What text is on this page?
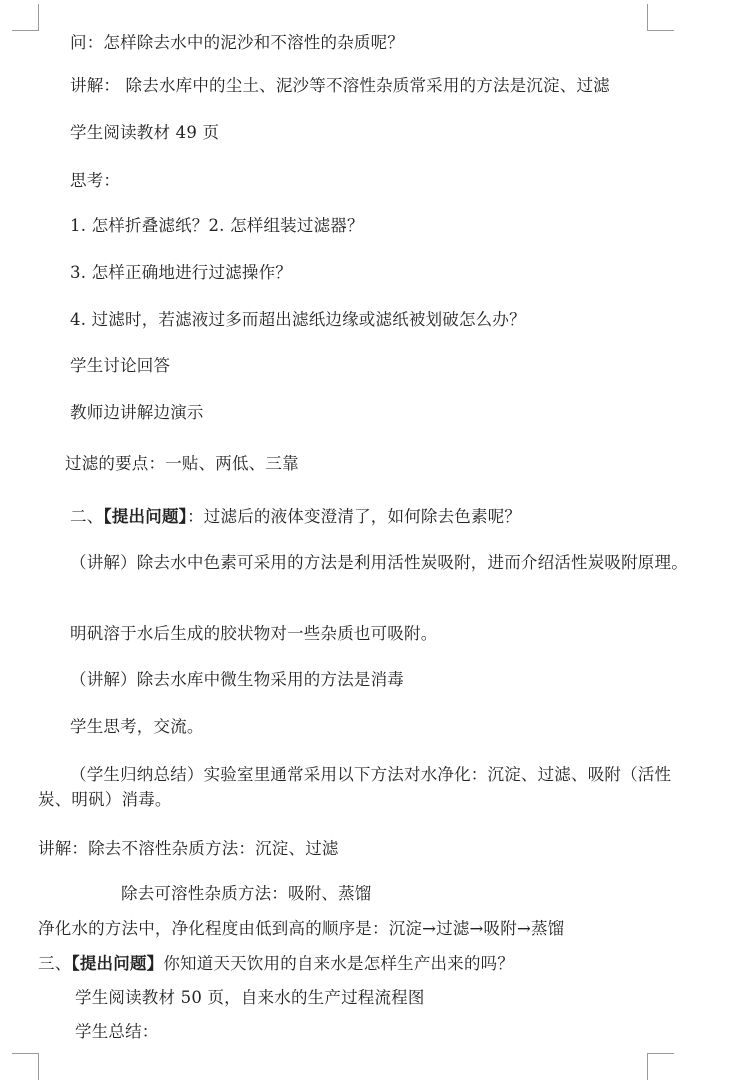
问：怎样除去水中的泥沙和不溶性的杂质呢？
讲解： 除去水库中的尘土、泥沙等不溶性杂质常采用的方法是沉淀、过滤
学生阅读教材 49 页
思考：
1. 怎样折叠滤纸？2. 怎样组装过滤器？
3. 怎样正确地进行过滤操作？
4. 过滤时，若滤液过多而超出滤纸边缘或滤纸被划破怎么办？
学生讨论回答
教师边讲解边演示
过滤的要点：一贴、两低、三靠
二、【提出问题】：过滤后的液体变澄清了，如何除去色素呢？
（讲解）除去水中色素可采用的方法是利用活性炭吸附，进而介绍活性炭吸附原理。
明矾溶于水后生成的胶状物对一些杂质也可吸附。
（讲解）除去水库中微生物采用的方法是消毒
学生思考，交流。
（学生归纳总结）实验室里通常采用以下方法对水净化：沉淀、过滤、吸附（活性炭、明矾）消毒。
讲解：除去不溶性杂质方法：沉淀、过滤
除去可溶性杂质方法：吸附、蒸馏
净化水的方法中，净化程度由低到高的顺序是：沉淀→过滤→吸附→蒸馏
三、【提出问题】你知道天天饮用的自来水是怎样生产出来的吗？
学生阅读教材 50 页，自来水的生产过程流程图
学生总结：
